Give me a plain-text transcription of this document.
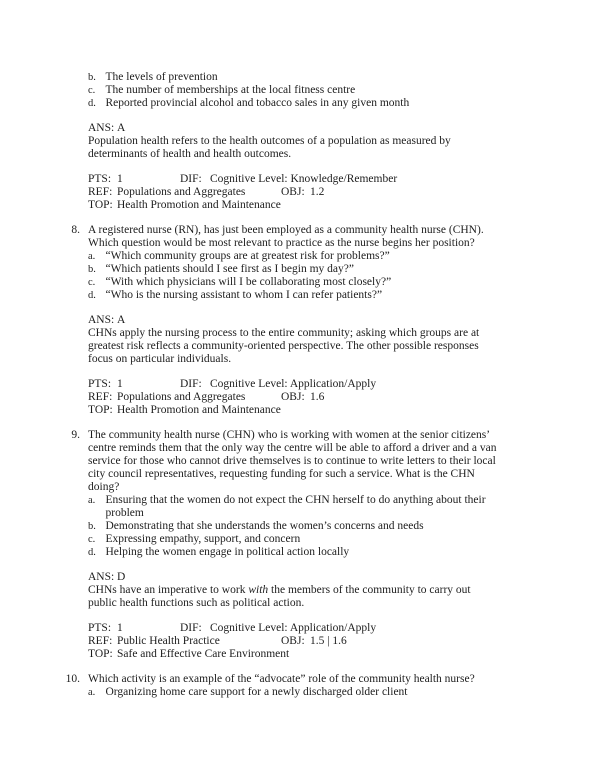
b. The levels of prevention
c. The number of memberships at the local fitness centre
d. Reported provincial alcohol and tobacco sales in any given month
ANS: A
Population health refers to the health outcomes of a population as measured by
determinants of health and health outcomes.
PTS: 1	DIF: Cognitive Level: Knowledge/Remember
REF: Populations and Aggregates	OBJ: 1.2
TOP: Health Promotion and Maintenance
8. A registered nurse (RN), has just been employed as a community health nurse (CHN).
Which question would be most relevant to practice as the nurse begins her position?
a. “Which community groups are at greatest risk for problems?”
b. “Which patients should I see first as I begin my day?”
c. “With which physicians will I be collaborating most closely?”
d. “Who is the nursing assistant to whom I can refer patients?”
ANS: A
CHNs apply the nursing process to the entire community; asking which groups are at
greatest risk reflects a community-oriented perspective. The other possible responses
focus on particular individuals.
PTS: 1	DIF: Cognitive Level: Application/Apply
REF: Populations and Aggregates	OBJ: 1.6
TOP: Health Promotion and Maintenance
9. The community health nurse (CHN) who is working with women at the senior citizens’
centre reminds them that the only way the centre will be able to afford a driver and a van
service for those who cannot drive themselves is to continue to write letters to their local
city council representatives, requesting funding for such a service. What is the CHN
doing?
a. Ensuring that the women do not expect the CHN herself to do anything about their
problem
b. Demonstrating that she understands the women’s concerns and needs
c. Expressing empathy, support, and concern
d. Helping the women engage in political action locally
ANS: D
CHNs have an imperative to work with the members of the community to carry out
public health functions such as political action.
PTS: 1	DIF: Cognitive Level: Application/Apply
REF: Public Health Practice	OBJ: 1.5 | 1.6
TOP: Safe and Effective Care Environment
10. Which activity is an example of the “advocate” role of the community health nurse?
a. Organizing home care support for a newly discharged older client
